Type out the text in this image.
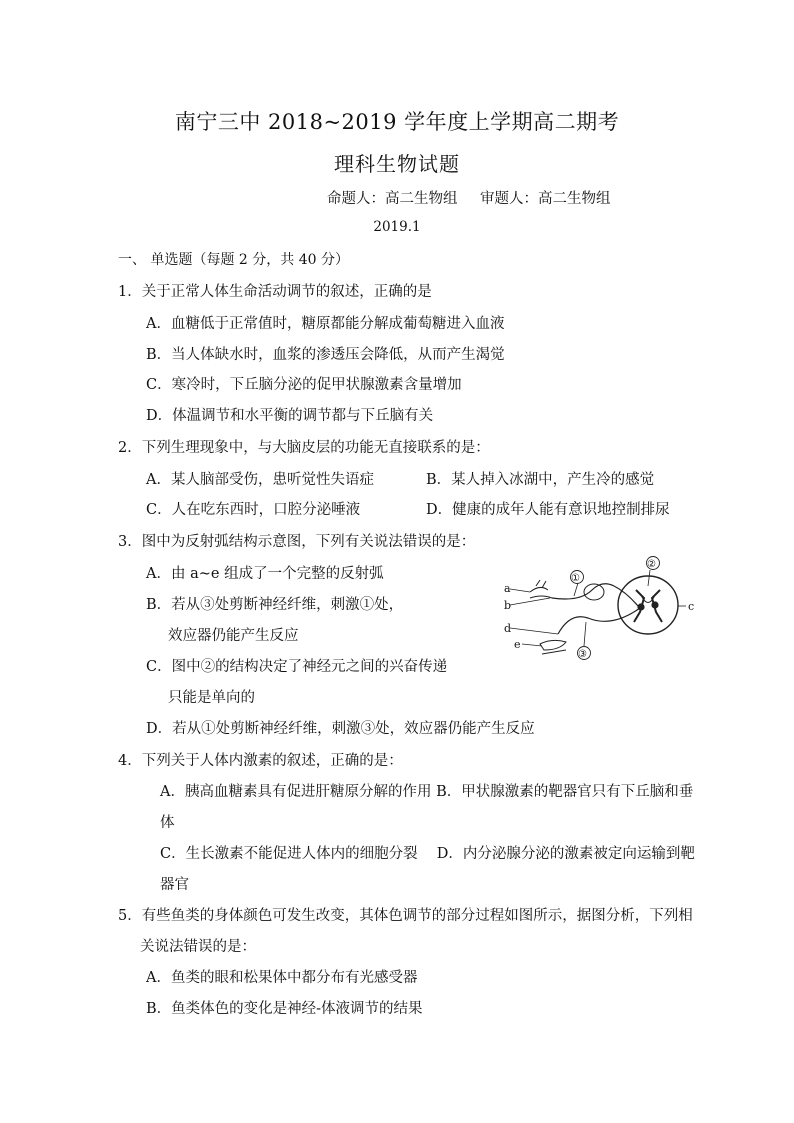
南宁三中 2018~2019 学年度上学期高二期考
理科生物试题
命题人：高二生物组 审题人：高二生物组
2019.1
一、 单选题（每题 2 分，共 40 分）
1．关于正常人体生命活动调节的叙述，正确的是
A．血糖低于正常值时，糖原都能分解成葡萄糖进入血液
B．当人体缺水时，血浆的渗透压会降低，从而产生渴觉
C．寒冷时，下丘脑分泌的促甲状腺激素含量增加
D．体温调节和水平衡的调节都与下丘脑有关
2．下列生理现象中，与大脑皮层的功能无直接联系的是：
A．某人脑部受伤，患听觉性失语症	B．某人掉入冰湖中，产生冷的感觉
C．人在吃东西时，口腔分泌唾液	D．健康的成年人能有意识地控制排尿
3．图中为反射弧结构示意图，下列有关说法错误的是：
A．由 a~e 组成了一个完整的反射弧
B．若从③处剪断神经纤维，刺激①处，
效应器仍能产生反应
C．图中②的结构决定了神经元之间的兴奋传递
只能是单向的
D．若从①处剪断神经纤维，刺激③处，效应器仍能产生反应
a
b	c
d
e
①
②
③
4．下列关于人体内激素的叙述，正确的是：
A．胰高血糖素具有促进肝糖原分解的作用 B．甲状腺激素的靶器官只有下丘脑和垂
体
C．生长激素不能促进人体内的细胞分裂　 D．内分泌腺分泌的激素被定向运输到靶
器官
5．有些鱼类的身体颜色可发生改变，其体色调节的部分过程如图所示，据图分析，下列相
关说法错误的是：
A．鱼类的眼和松果体中都分布有光感受器
B．鱼类体色的变化是神经-体液调节的结果
